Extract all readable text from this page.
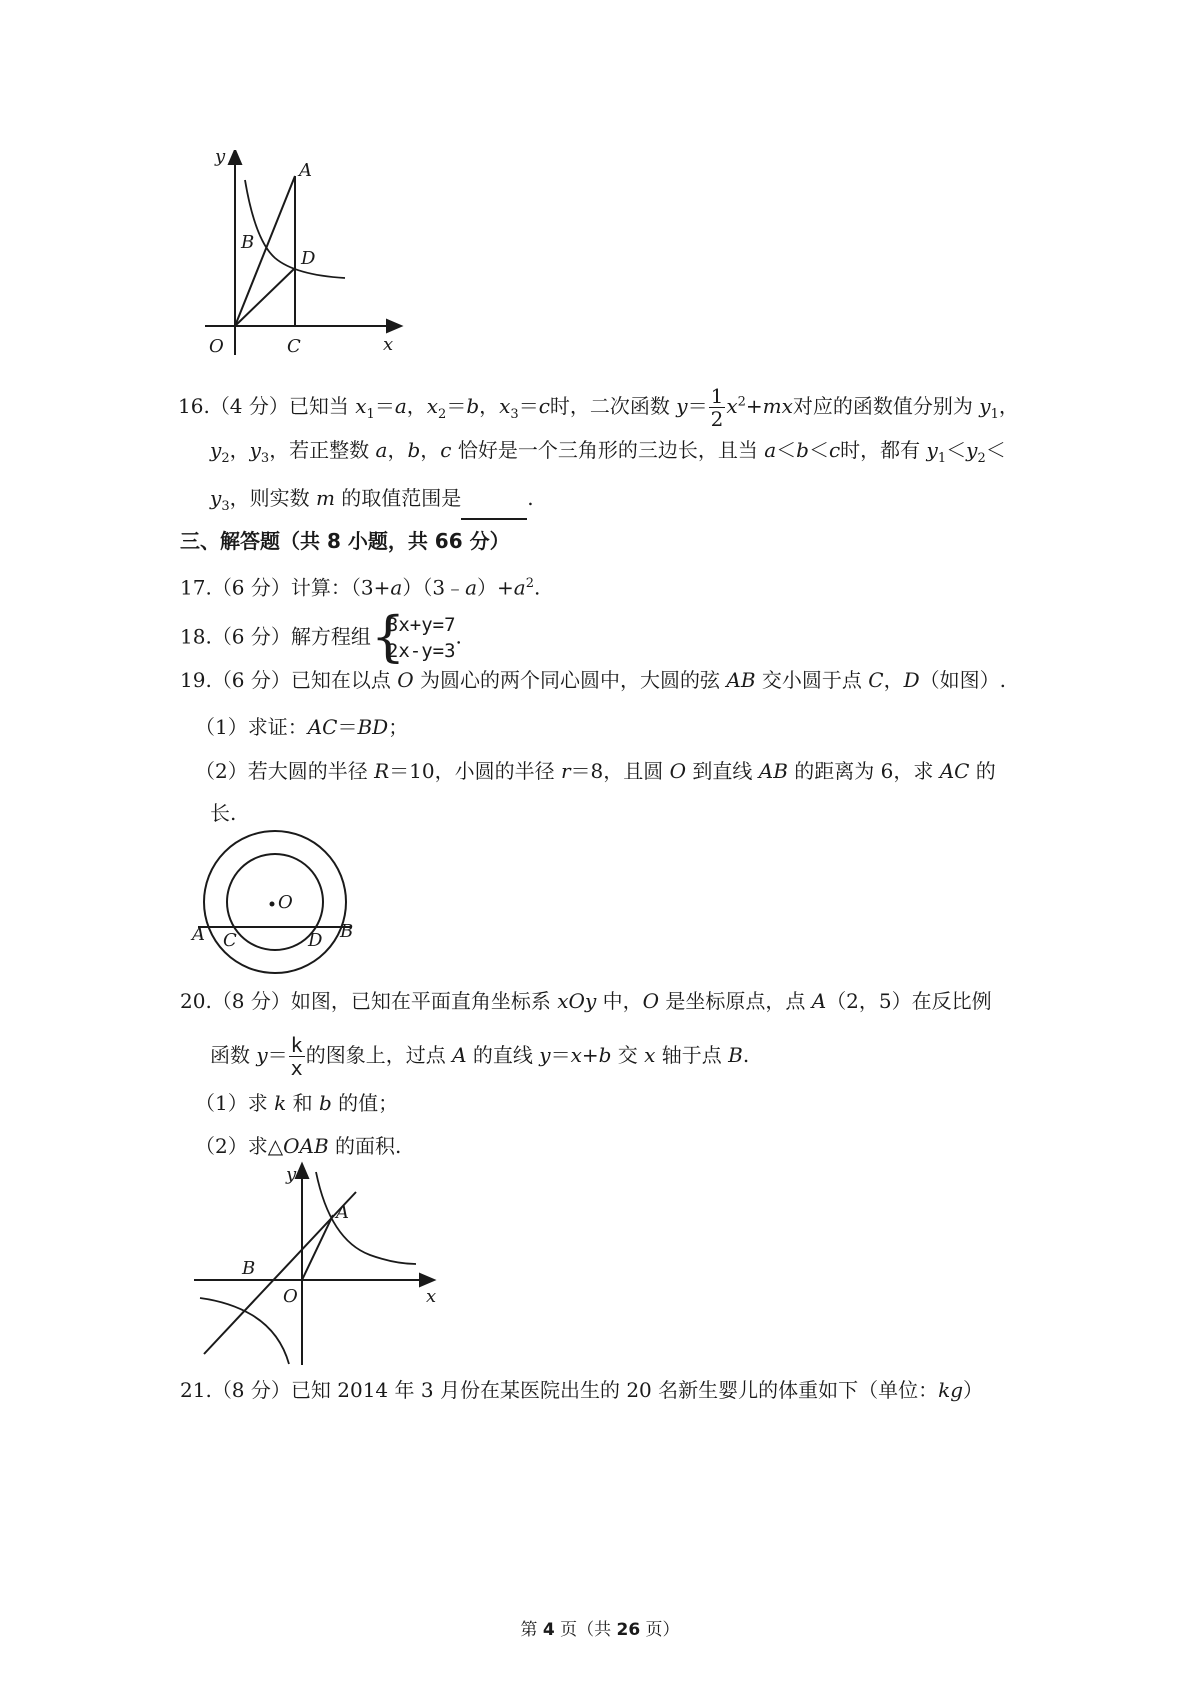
y
A
B
D
O	C	x
16.（4 分）已知当 $x_1=a$，$x_2=b$，$x_3=c$时，二次函数 $y= \frac{1}{2} x^2+mx$对应的函数值分别为 $y_1$，
$y_2$，$y_3$，若正整数 a，b，c 恰好是一个三角形的三边长，且当 a＜b＜c时，都有 $y_1<y_2<$
$y_3$，则实数 m 的取值范围是	.
三、解答题（共 8 小题，共 66 分）
17.（6 分）计算：$(3+a)(3﹣a)+a^2$.
18.（6 分）解方程组 {
3x+y=7
2x-y=3
.
19.（6 分）已知在以点 O 为圆心的两个同心圆中，大圆的弦 AB 交小圆于点 C，D（如图）.
（1）求证：AC＝BD；
（2）若大圆的半径 R＝10，小圆的半径 r＝8，且圆 O 到直线 AB 的距离为 6，求 AC 的
长.
O
A C	D B
20.（8 分）如图，已知在平面直角坐标系 xOy 中，O 是坐标原点，点 A（2，5）在反比例
函数 $y= \frac{k}{x}$ 的图象上，过点 A 的直线 y＝x+b 交 x 轴于点 B.
（1）求 k 和 b 的值；
（2）求△OAB 的面积.
y
A
B
O	x
21.（8 分）已知 2014 年 3 月份在某医院出生的 20 名新生婴儿的体重如下（单位：kg）
第 4 页（共 26 页）
